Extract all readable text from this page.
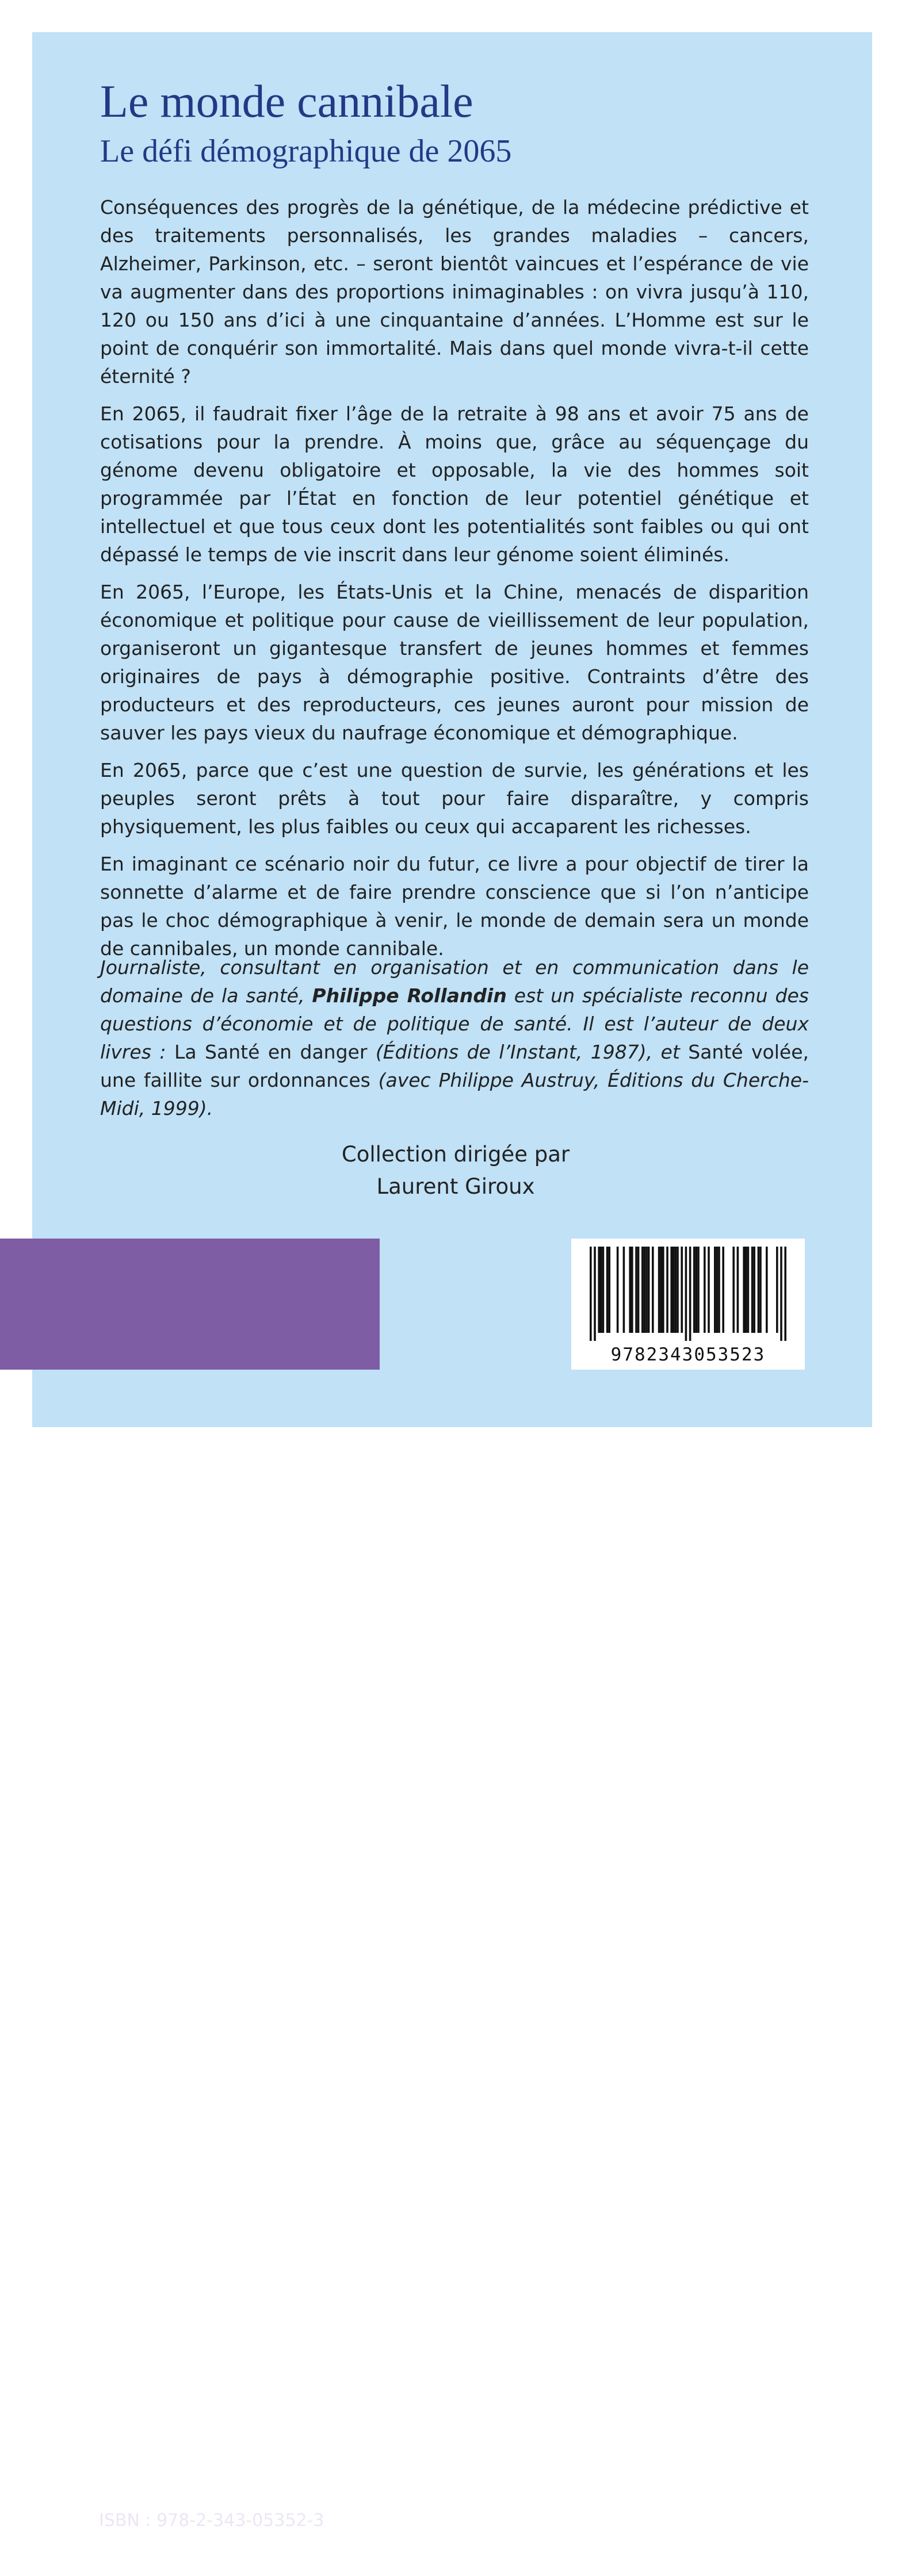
Le monde cannibale
Le défi démographique de 2065

Conséquences des progrès de la génétique, de la médecine prédictive et des traitements personnalisés, les grandes maladies – cancers, Alzheimer, Parkinson, etc. – seront bientôt vaincues et l’espérance de vie va augmenter dans des proportions inimaginables : on vivra jusqu’à 110, 120 ou 150 ans d’ici à une cinquantaine d’années. L’Homme est sur le point de conquérir son immortalité. Mais dans quel monde vivra-t-il cette éternité ?

En 2065, il faudrait fixer l’âge de la retraite à 98 ans et avoir 75 ans de cotisations pour la prendre. À moins que, grâce au séquençage du génome devenu obligatoire et opposable, la vie des hommes soit programmée par l’État en fonction de leur potentiel génétique et intellectuel et que tous ceux dont les potentialités sont faibles ou qui ont dépassé le temps de vie inscrit dans leur génome soient éliminés.

En 2065, l’Europe, les États-Unis et la Chine, menacés de disparition économique et politique pour cause de vieillissement de leur population, organiseront un gigantesque transfert de jeunes hommes et femmes originaires de pays à démographie positive. Contraints d’être des producteurs et des reproducteurs, ces jeunes auront pour mission de sauver les pays vieux du naufrage économique et démographique.

En 2065, parce que c’est une question de survie, les générations et les peuples seront prêts à tout pour faire disparaître, y compris physiquement, les plus faibles ou ceux qui accaparent les richesses.

En imaginant ce scénario noir du futur, ce livre a pour objectif de tirer la sonnette d’alarme et de faire prendre conscience que si l’on n’anticipe pas le choc démographique à venir, le monde de demain sera un monde de cannibales, un monde cannibale.

Journaliste, consultant en organisation et en communication dans le domaine de la santé, Philippe Rollandin est un spécialiste reconnu des questions d’économie et de politique de santé. Il est l’auteur de deux livres : La Santé en danger (Éditions de l’Instant, 1987), et Santé volée, une faillite sur ordonnances (avec Philippe Austruy, Éditions du Cherche-Midi, 1999).
Collection dirigée par
Laurent Giroux
ISBN : 978-2-343-05352-3
20,50 €
9782343053523
